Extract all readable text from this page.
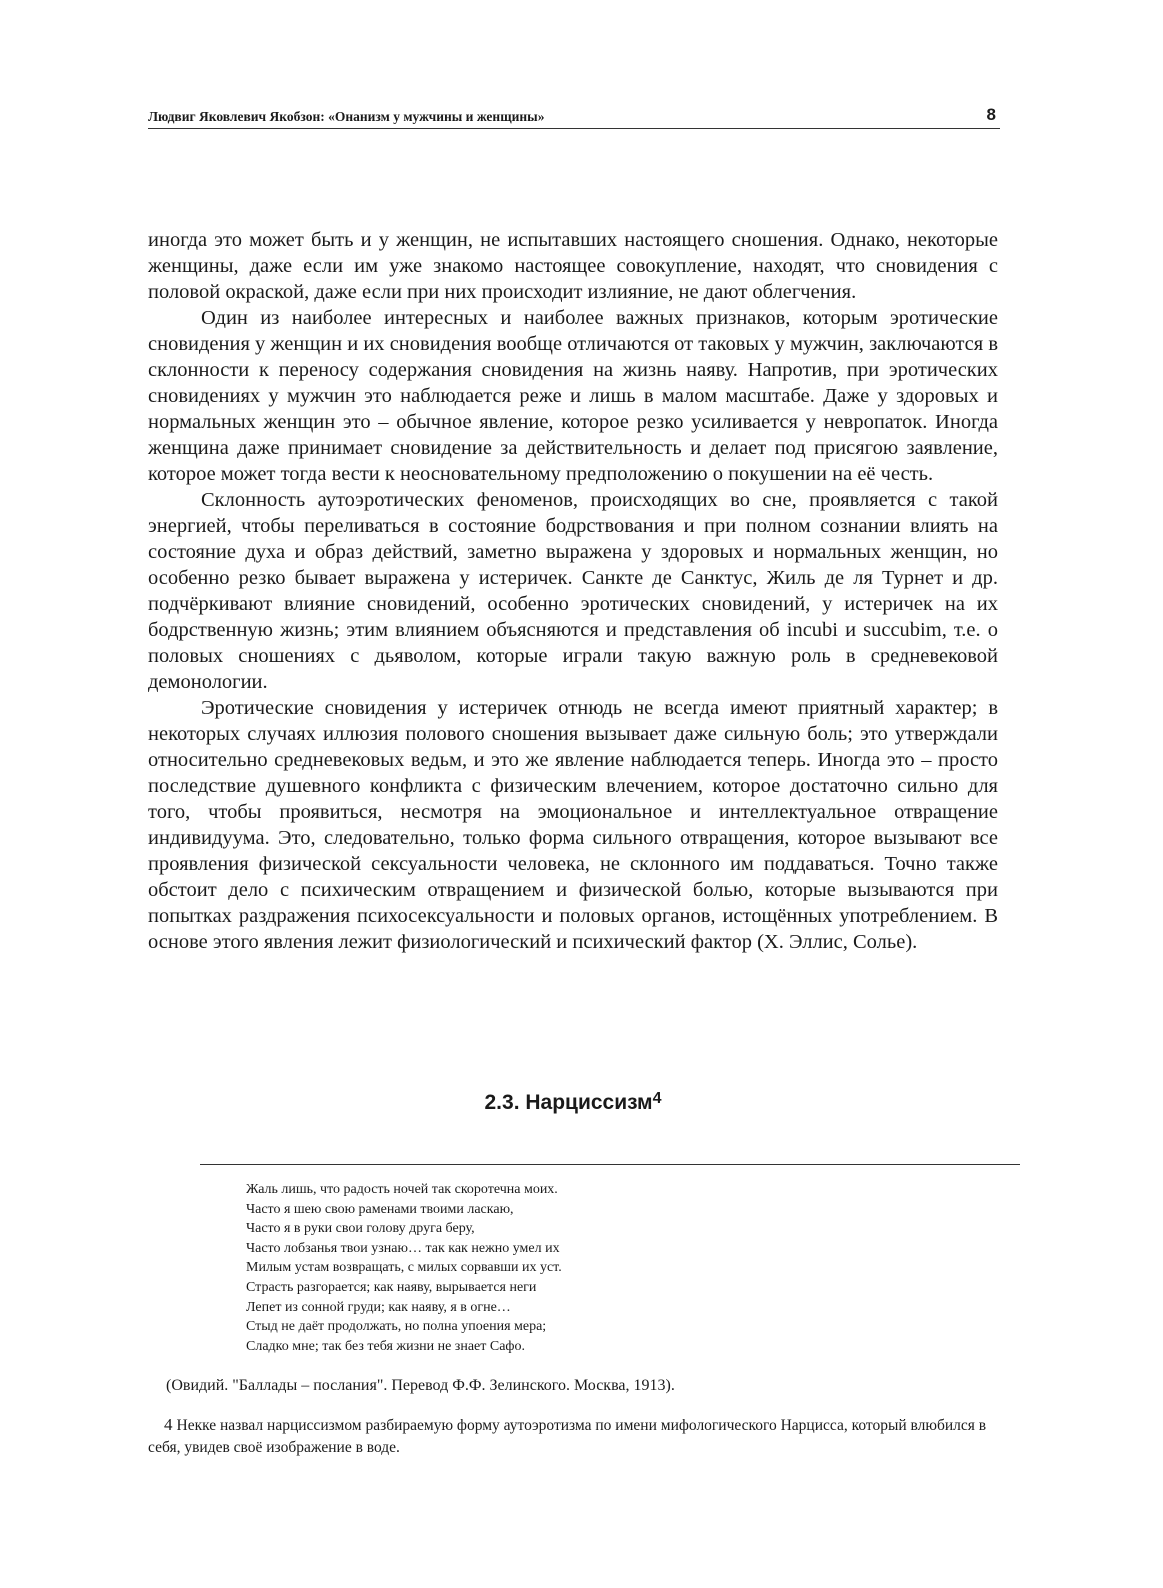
Людвиг Яковлевич Якобзон: «Онанизм у мужчины и женщины»	8

иногда это может быть и у женщин, не испытавших настоящего сношения. Однако, некоторые женщины, даже если им уже знакомо настоящее совокупление, находят, что сновидения с половой окраской, даже если при них происходит излияние, не дают облегчения.

Один из наиболее интересных и наиболее важных признаков, которым эротические сновидения у женщин и их сновидения вообще отличаются от таковых у мужчин, заключаются в склонности к переносу содержания сновидения на жизнь наяву. Напротив, при эротических сновидениях у мужчин это наблюдается реже и лишь в малом масштабе. Даже у здоровых и нормальных женщин это – обычное явление, которое резко усиливается у невропаток. Иногда женщина даже принимает сновидение за действительность и делает под присягою заявление, которое может тогда вести к неосновательному предположению о покушении на её честь.

Склонность аутоэротических феноменов, происходящих во сне, проявляется с такой энергией, чтобы переливаться в состояние бодрствования и при полном сознании влиять на состояние духа и образ действий, заметно выражена у здоровых и нормальных женщин, но особенно резко бывает выражена у истеричек. Санкте де Санктус, Жиль де ля Турнет и др. подчёркивают влияние сновидений, особенно эротических сновидений, у истеричек на их бодрственную жизнь; этим влиянием объясняются и представления об incubi и succubim, т.е. о половых сношениях с дьяволом, которые играли такую важную роль в средневековой демонологии.

Эротические сновидения у истеричек отнюдь не всегда имеют приятный характер; в некоторых случаях иллюзия полового сношения вызывает даже сильную боль; это утверждали относительно средневековых ведьм, и это же явление наблюдается теперь. Иногда это – просто последствие душевного конфликта с физическим влечением, которое достаточно сильно для того, чтобы проявиться, несмотря на эмоциональное и интеллектуальное отвращение индивидуума. Это, следовательно, только форма сильного отвращения, которое вызывают все проявления физической сексуальности человека, не склонного им поддаваться. Точно также обстоит дело с психическим отвращением и физической болью, которые вызываются при попытках раздражения психосексуальности и половых органов, истощённых употреблением. В основе этого явления лежит физиологический и психический фактор (Х. Эллис, Солье).

2.3. Нарциссизм$^4$
Жаль лишь, что радость ночей так скоротечна моих.
Часто я шею свою раменами твоими ласкаю,
Часто я в руки свои голову друга беру,
Часто лобзанья твои узнаю… так как нежно умел их
Милым устам возвращать, с милых сорвавши их уст.
Страсть разгорается; как наяву, вырывается неги
Лепет из сонной груди; как наяву, я в огне…
Стыд не даёт продолжать, но полна упоения мера;
Сладко мне; так без тебя жизни не знает Сафо.
(Овидий. "Баллады – послания". Перевод Ф.Ф. Зелинского. Москва, 1913).
4 Некке назвал нарциссизмом разбираемую форму аутоэротизма по имени мифологического Нарцисса, который влюбился в себя, увидев своё изображение в воде.
